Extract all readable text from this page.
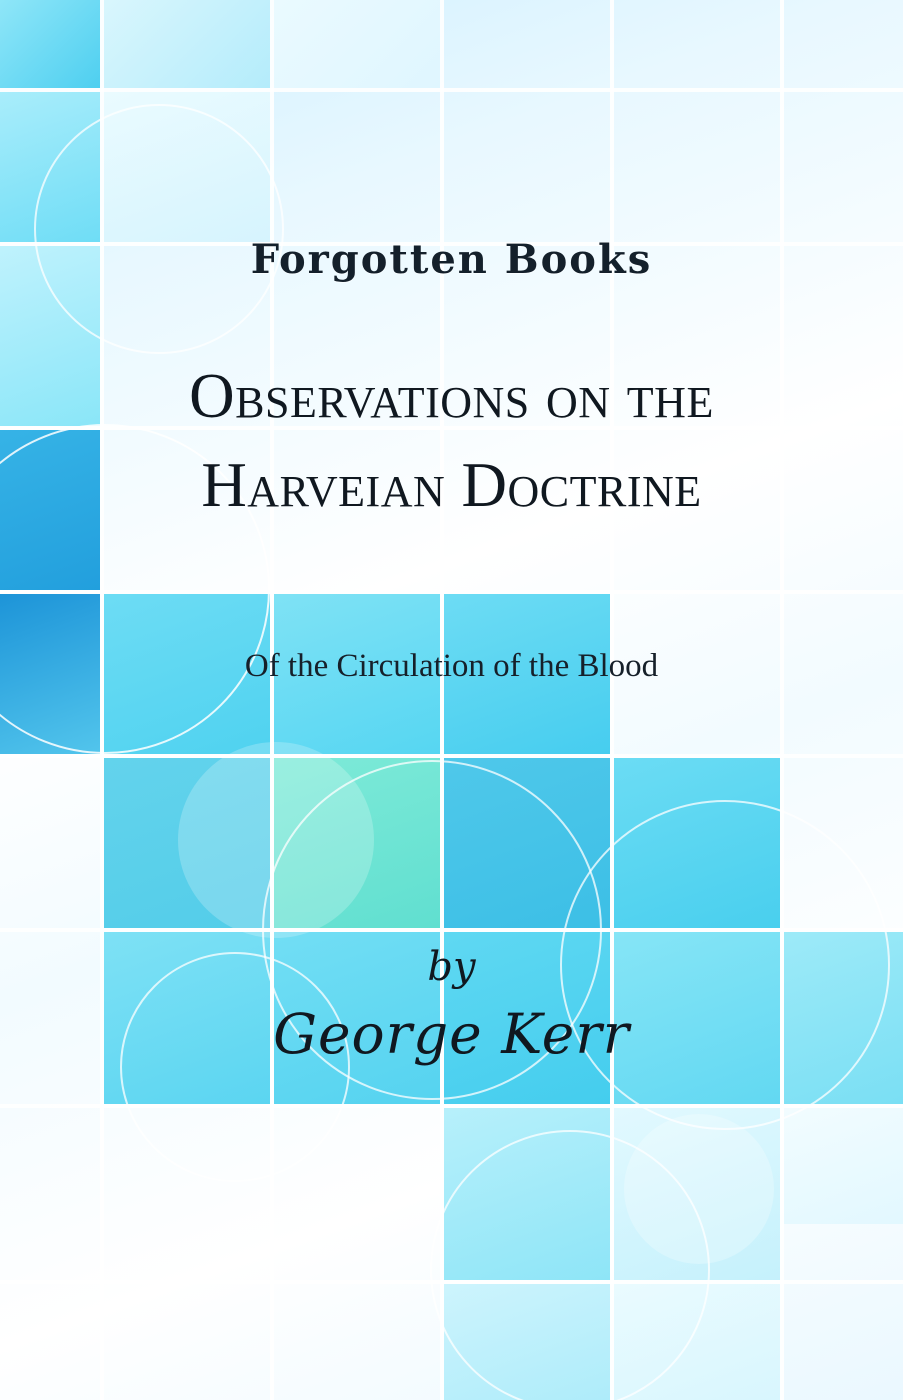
Forgotten Books
Observations on the Harveian Doctrine
Of the Circulation of the Blood
by
George Kerr
